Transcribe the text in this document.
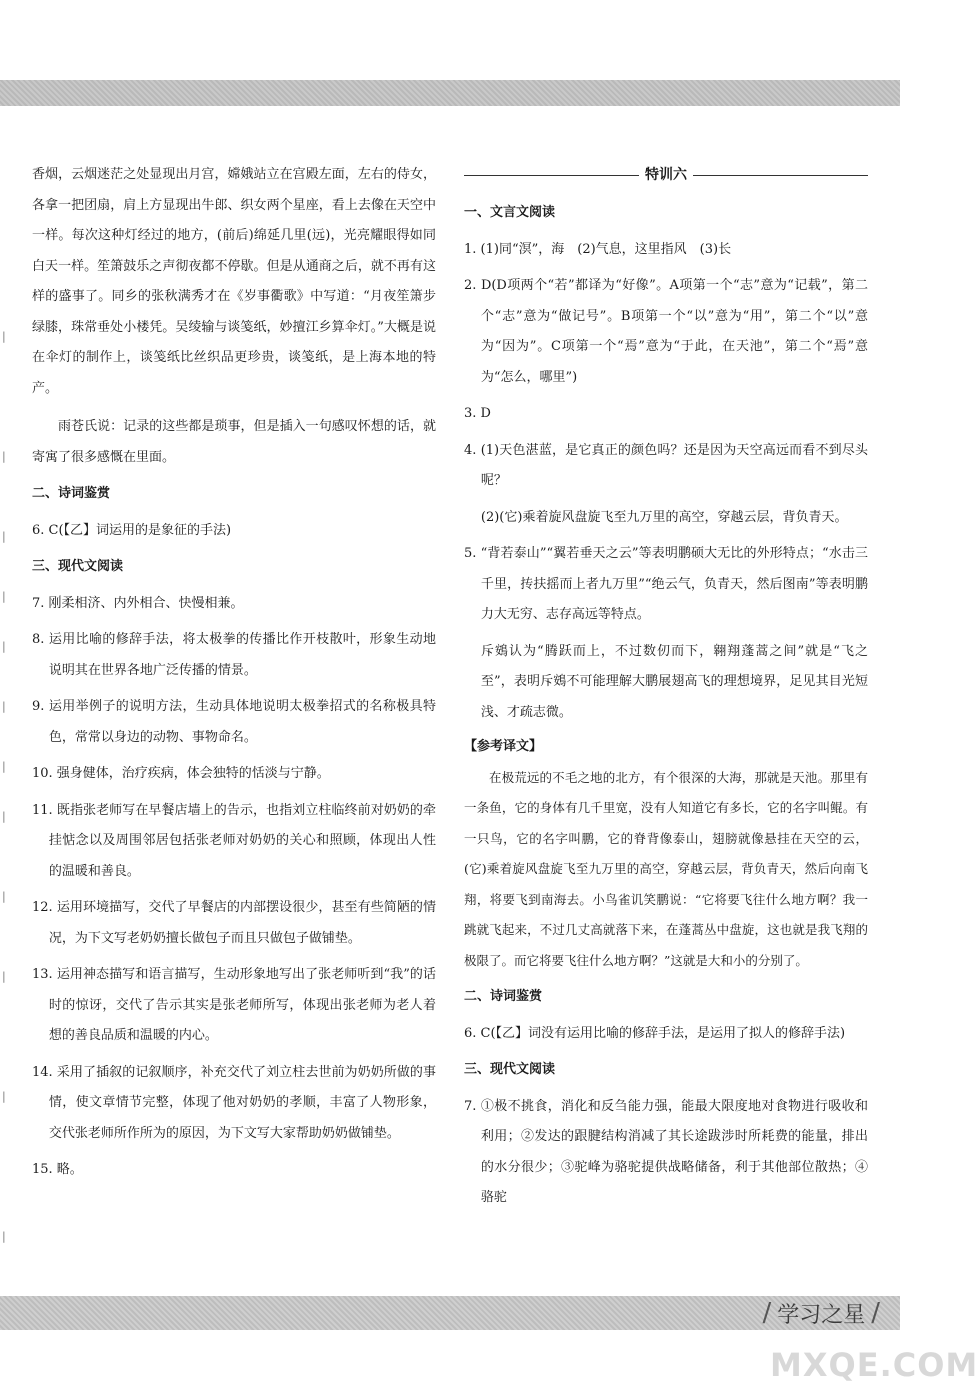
|
|
|
|
|
|
|
|
|
|
|
|

香烟，云烟迷茫之处显现出月宫，嫦娥站立在宫殿左面，左右的侍女，各拿一把团扇，肩上方显现出牛郎、织女两个星座，看上去像在天空中一样。每次这种灯经过的地方，(前后)绵延几里(远)，光亮耀眼得如同白天一样。笙箫鼓乐之声彻夜都不停歇。但是从通商之后，就不再有这样的盛事了。同乡的张秋满秀才在《岁事衢歌》中写道：“月夜笙箫步绿膝，珠常垂处小楼凭。吴绫输与谈笺纸，妙擅江乡算伞灯。”大概是说在伞灯的制作上，谈笺纸比丝织品更珍贵，谈笺纸，是上海本地的特产。

雨苍氏说：记录的这些都是琐事，但是插入一句感叹怀想的话，就寄寓了很多感慨在里面。

二、诗词鉴赏

6. C(【乙】词运用的是象征的手法)

三、现代文阅读

7. 刚柔相济、内外相合、快慢相兼。

8. 运用比喻的修辞手法，将太极拳的传播比作开枝散叶，形象生动地说明其在世界各地广泛传播的情景。

9. 运用举例子的说明方法，生动具体地说明太极拳招式的名称极具特色，常常以身边的动物、事物命名。

10. 强身健体，治疗疾病，体会独特的恬淡与宁静。

11. 既指张老师写在早餐店墙上的告示，也指刘立柱临终前对奶奶的牵挂惦念以及周围邻居包括张老师对奶奶的关心和照顾，体现出人性的温暖和善良。

12. 运用环境描写，交代了早餐店的内部摆设很少，甚至有些简陋的情况，为下文写老奶奶擅长做包子而且只做包子做铺垫。

13. 运用神态描写和语言描写，生动形象地写出了张老师听到“我”的话时的惊讶，交代了告示其实是张老师所写，体现出张老师为老人着想的善良品质和温暖的内心。

14. 采用了插叙的记叙顺序，补充交代了刘立柱去世前为奶奶所做的事情，使文章情节完整，体现了他对奶奶的孝顺，丰富了人物形象，交代张老师所作所为的原因，为下文写大家帮助奶奶做铺垫。

15. 略。

特训六

一、文言文阅读

1. (1)同“溟”，海　(2)气息，这里指风　(3)长

2. D(D项两个“若”都译为“好像”。A项第一个“志”意为“记载”，第二个“志”意为“做记号”。B项第一个“以”意为“用”，第二个“以”意为“因为”。C项第一个“焉”意为“于此，在天池”，第二个“焉”意为“怎么，哪里”)

3. D

4. (1)天色湛蓝，是它真正的颜色吗？还是因为天空高远而看不到尽头呢？

(2)(它)乘着旋风盘旋飞至九万里的高空，穿越云层，背负青天。

5. “背若泰山”“翼若垂天之云”等表明鹏硕大无比的外形特点；“水击三千里，抟扶摇而上者九万里”“绝云气，负青天，然后图南”等表明鹏力大无穷、志存高远等特点。

斥鴳认为“腾跃而上，不过数仞而下，翱翔蓬蒿之间”就是“飞之至”，表明斥鴳不可能理解大鹏展翅高飞的理想境界，足见其目光短浅、才疏志微。

【参考译文】

在极荒远的不毛之地的北方，有个很深的大海，那就是天池。那里有一条鱼，它的身体有几千里宽，没有人知道它有多长，它的名字叫鲲。有一只鸟，它的名字叫鹏，它的脊背像泰山，翅膀就像悬挂在天空的云，(它)乘着旋风盘旋飞至九万里的高空，穿越云层，背负青天，然后向南飞翔，将要飞到南海去。小鸟雀讥笑鹏说：“它将要飞往什么地方啊？我一跳就飞起来，不过几丈高就落下来，在蓬蒿丛中盘旋，这也就是我飞翔的极限了。而它将要飞往什么地方啊？”这就是大和小的分别了。

二、诗词鉴赏

6. C(【乙】词没有运用比喻的修辞手法，是运用了拟人的修辞手法)

三、现代文阅读

7. ①极不挑食，消化和反刍能力强，能最大限度地对食物进行吸收和利用；②发达的跟腱结构消减了其长途跋涉时所耗费的能量，排出的水分很少；③驼峰为骆驼提供战略储备，利于其他部位散热；④骆驼

/ 学习之星 /
MXQE.COM
